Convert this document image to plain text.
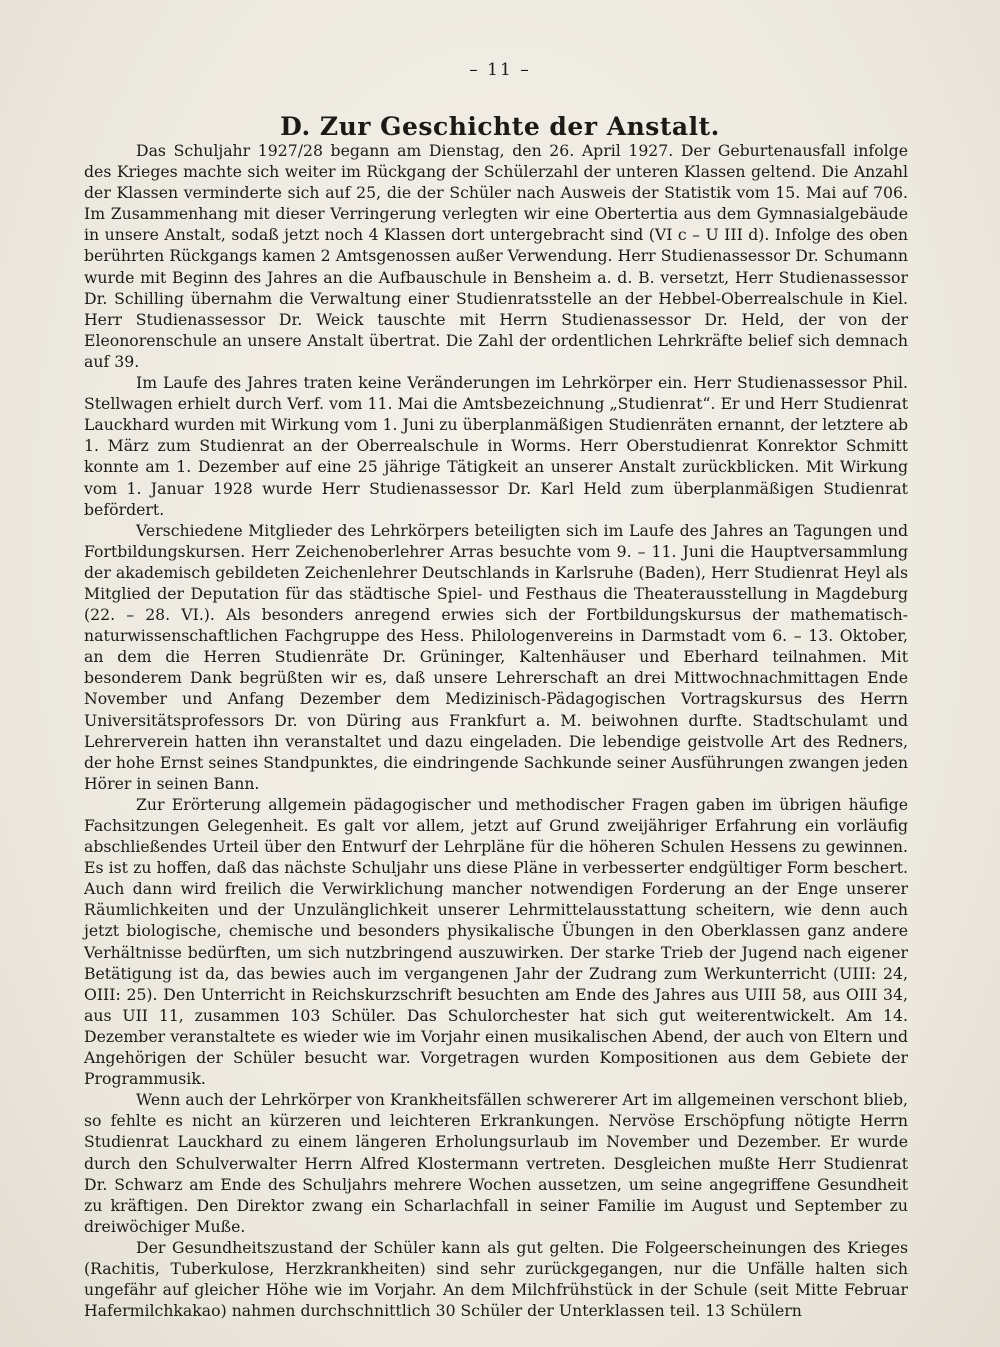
– 11 –
D. Zur Geschichte der Anstalt.

Das Schuljahr 1927/28 begann am Dienstag, den 26. April 1927. Der Geburtenausfall infolge des Krieges machte sich weiter im Rückgang der Schülerzahl der unteren Klassen geltend. Die Anzahl der Klassen verminderte sich auf 25, die der Schüler nach Ausweis der Statistik vom 15. Mai auf 706. Im Zusammenhang mit dieser Verringerung verlegten wir eine Obertertia aus dem Gymnasialgebäude in unsere Anstalt, sodaß jetzt noch 4 Klassen dort untergebracht sind (VI c – U III d). Infolge des oben berührten Rückgangs kamen 2 Amtsgenossen außer Verwendung. Herr Studienassessor Dr. Schumann wurde mit Beginn des Jahres an die Aufbauschule in Bensheim a. d. B. versetzt, Herr Studienassessor Dr. Schilling übernahm die Verwaltung einer Studienratsstelle an der Hebbel-Oberrealschule in Kiel. Herr Studienassessor Dr. Weick tauschte mit Herrn Studienassessor Dr. Held, der von der Eleonorenschule an unsere Anstalt übertrat. Die Zahl der ordentlichen Lehrkräfte belief sich demnach auf 39.

Im Laufe des Jahres traten keine Veränderungen im Lehrkörper ein. Herr Studienassessor Phil. Stellwagen erhielt durch Verf. vom 11. Mai die Amtsbezeichnung „Studienrat“. Er und Herr Studienrat Lauckhard wurden mit Wirkung vom 1. Juni zu überplanmäßigen Studienräten ernannt, der letztere ab 1. März zum Studienrat an der Oberrealschule in Worms. Herr Oberstudienrat Konrektor Schmitt konnte am 1. Dezember auf eine 25 jährige Tätigkeit an unserer Anstalt zurückblicken. Mit Wirkung vom 1. Januar 1928 wurde Herr Studienassessor Dr. Karl Held zum überplanmäßigen Studienrat befördert.

Verschiedene Mitglieder des Lehrkörpers beteiligten sich im Laufe des Jahres an Tagungen und Fortbildungskursen. Herr Zeichenoberlehrer Arras besuchte vom 9. – 11. Juni die Hauptversammlung der akademisch gebildeten Zeichenlehrer Deutschlands in Karlsruhe (Baden), Herr Studienrat Heyl als Mitglied der Deputation für das städtische Spiel- und Festhaus die Theaterausstellung in Magdeburg (22. – 28. VI.). Als besonders anregend erwies sich der Fortbildungskursus der mathematisch-naturwissenschaftlichen Fachgruppe des Hess. Philologenvereins in Darmstadt vom 6. – 13. Oktober, an dem die Herren Studienräte Dr. Grüninger, Kaltenhäuser und Eberhard teilnahmen. Mit besonderem Dank begrüßten wir es, daß unsere Lehrerschaft an drei Mittwochnachmittagen Ende November und Anfang Dezember dem Medizinisch-Pädagogischen Vortragskursus des Herrn Universitätsprofessors Dr. von Düring aus Frankfurt a. M. beiwohnen durfte. Stadtschulamt und Lehrerverein hatten ihn veranstaltet und dazu eingeladen. Die lebendige geistvolle Art des Redners, der hohe Ernst seines Standpunktes, die eindringende Sachkunde seiner Ausführungen zwangen jeden Hörer in seinen Bann.

Zur Erörterung allgemein pädagogischer und methodischer Fragen gaben im übrigen häufige Fachsitzungen Gelegenheit. Es galt vor allem, jetzt auf Grund zweijähriger Erfahrung ein vorläufig abschließendes Urteil über den Entwurf der Lehrpläne für die höheren Schulen Hessens zu gewinnen. Es ist zu hoffen, daß das nächste Schuljahr uns diese Pläne in verbesserter endgültiger Form beschert. Auch dann wird freilich die Verwirklichung mancher notwendigen Forderung an der Enge unserer Räumlichkeiten und der Unzulänglichkeit unserer Lehrmittelausstattung scheitern, wie denn auch jetzt biologische, chemische und besonders physikalische Übungen in den Oberklassen ganz andere Verhältnisse bedürften, um sich nutzbringend auszuwirken. Der starke Trieb der Jugend nach eigener Betätigung ist da, das bewies auch im vergangenen Jahr der Zudrang zum Werkunterricht (UIII: 24, OIII: 25). Den Unterricht in Reichskurzschrift besuchten am Ende des Jahres aus UIII 58, aus OIII 34, aus UII 11, zusammen 103 Schüler. Das Schulorchester hat sich gut weiterentwickelt. Am 14. Dezember veranstaltete es wieder wie im Vorjahr einen musikalischen Abend, der auch von Eltern und Angehörigen der Schüler besucht war. Vorgetragen wurden Kompositionen aus dem Gebiete der Programmusik.

Wenn auch der Lehrkörper von Krankheitsfällen schwererer Art im allgemeinen verschont blieb, so fehlte es nicht an kürzeren und leichteren Erkrankungen. Nervöse Erschöpfung nötigte Herrn Studienrat Lauckhard zu einem längeren Erholungsurlaub im November und Dezember. Er wurde durch den Schulverwalter Herrn Alfred Klostermann vertreten. Desgleichen mußte Herr Studienrat Dr. Schwarz am Ende des Schuljahrs mehrere Wochen aussetzen, um seine angegriffene Gesundheit zu kräftigen. Den Direktor zwang ein Scharlachfall in seiner Familie im August und September zu dreiwöchiger Muße.

Der Gesundheitszustand der Schüler kann als gut gelten. Die Folgeerscheinungen des Krieges (Rachitis, Tuberkulose, Herzkrankheiten) sind sehr zurückgegangen, nur die Unfälle halten sich ungefähr auf gleicher Höhe wie im Vorjahr. An dem Milchfrühstück in der Schule (seit Mitte Februar Hafermilchkakao) nahmen durchschnittlich 30 Schüler der Unterklassen teil. 13 Schülern
